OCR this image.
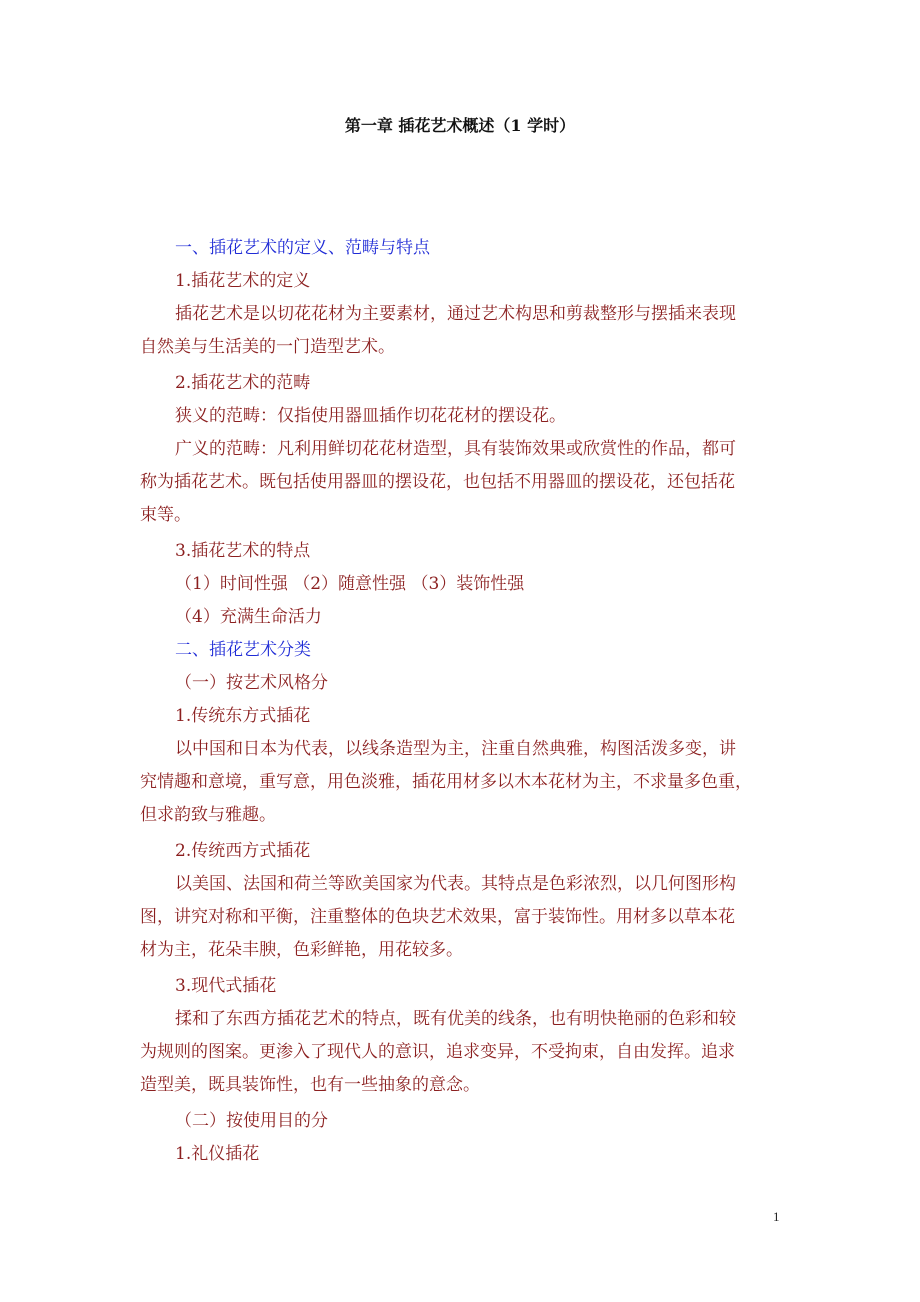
第一章 插花艺术概述（1 学时）
一、插花艺术的定义、范畴与特点
1.插花艺术的定义
插花艺术是以切花花材为主要素材，通过艺术构思和剪裁整形与摆插来表现
自然美与生活美的一门造型艺术。
2.插花艺术的范畴
狭义的范畴：仅指使用器皿插作切花花材的摆设花。
广义的范畴：凡利用鲜切花花材造型，具有装饰效果或欣赏性的作品，都可
称为插花艺术。既包括使用器皿的摆设花，也包括不用器皿的摆设花，还包括花
束等。
3.插花艺术的特点
（1）时间性强 （2）随意性强 （3）装饰性强
（4）充满生命活力
二、插花艺术分类
（一）按艺术风格分
1.传统东方式插花
以中国和日本为代表，以线条造型为主，注重自然典雅，构图活泼多变，讲
究情趣和意境，重写意，用色淡雅，插花用材多以木本花材为主，不求量多色重，
但求韵致与雅趣。
2.传统西方式插花
以美国、法国和荷兰等欧美国家为代表。其特点是色彩浓烈，以几何图形构
图，讲究对称和平衡，注重整体的色块艺术效果，富于装饰性。用材多以草本花
材为主，花朵丰腴，色彩鲜艳，用花较多。
3.现代式插花
揉和了东西方插花艺术的特点，既有优美的线条，也有明快艳丽的色彩和较
为规则的图案。更渗入了现代人的意识，追求变异，不受拘束，自由发挥。追求
造型美，既具装饰性，也有一些抽象的意念。
（二）按使用目的分
1.礼仪插花
1
